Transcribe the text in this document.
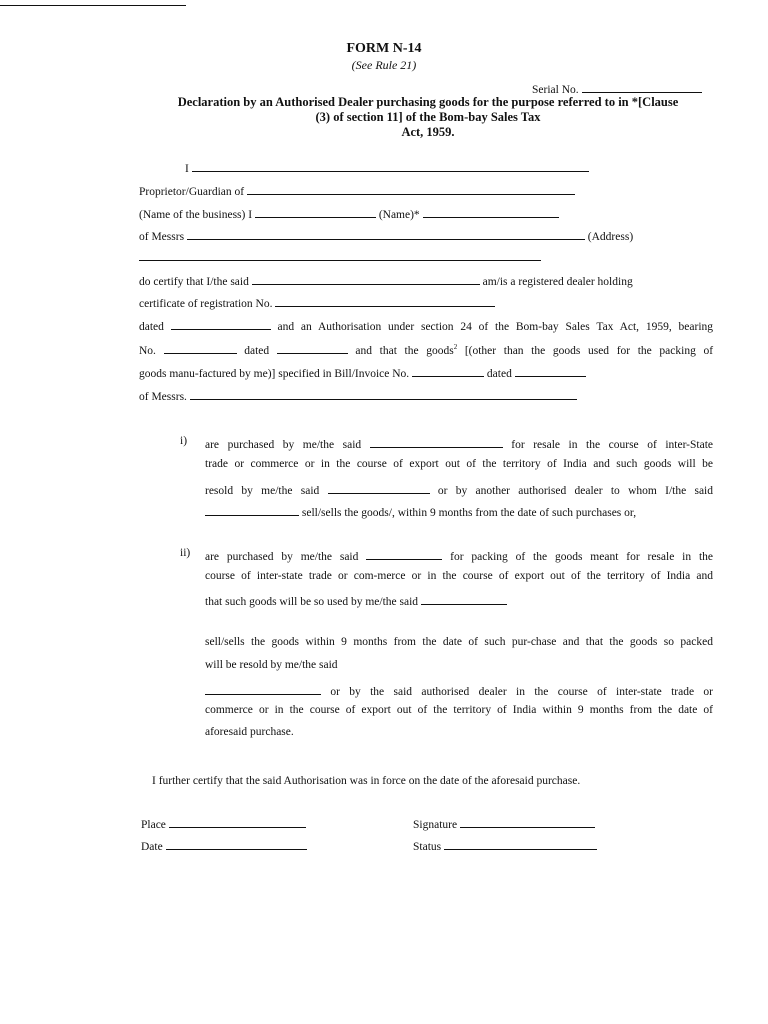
FORM N-14
(See Rule 21)
Serial No.
Declaration by an Authorised Dealer purchasing goods for the purpose referred to in *[Clause
(3) of section 11] of the Bom-bay Sales Tax
Act, 1959.
I
Proprietor/Guardian of
(Name of the business) I	(Name)*
of Messrs	(Address)
do certify that I/the said	am/is a registered dealer holding
certificate of registration No.
dated	and an Authorisation under section 24 of the Bom-bay Sales Tax Act, 1959, bearing
No.	dated	and that the goods$^2$ [(other than the goods used for the packing of
goods manu-factured by me)] specified in Bill/Invoice No.	dated
of Messrs.
i) are purchased by me/the said	for resale in the course of inter-State
trade or commerce or in the course of export out of the territory of India and such goods will be
resold by me/the said	or by another authorised dealer to whom I/the said
sell/sells the goods/, within 9 months from the date of such purchases or,
ii) are purchased by me/the said	for packing of the goods meant for resale in the
course of inter-state trade or com-merce or in the course of export out of the territory of India and
that such goods will be so used by me/the said
sell/sells the goods within 9 months from the date of such pur-chase and that the goods so packed
will be resold by me/the said
or by the said authorised dealer in the course of inter-state trade or
commerce or in the course of export out of the territory of India within 9 months from the date of
aforesaid purchase.
I further certify that the said Authorisation was in force on the date of the aforesaid purchase.
Place
Date
Signature
Status
